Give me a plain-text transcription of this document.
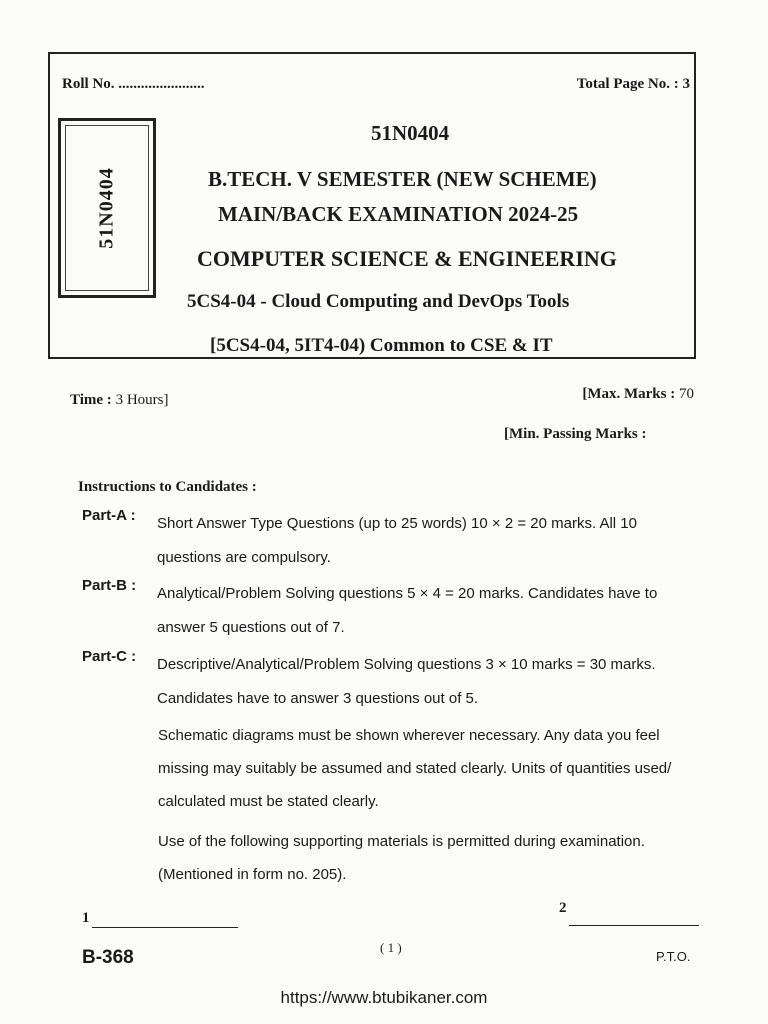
Roll No. .......................	Total Page No. : 3
51N0404
51N0404
B.TECH. V SEMESTER (NEW SCHEME)
MAIN/BACK EXAMINATION 2024-25
COMPUTER SCIENCE & ENGINEERING
5CS4-04 - Cloud Computing and DevOps Tools
[5CS4-04, 5IT4-04) Common to CSE & IT
Time : 3 Hours]	[Max. Marks : 70
[Min. Passing Marks :
Instructions to Candidates :
Part-A : Short Answer Type Questions (up to 25 words) 10 × 2 = 20 marks. All 10 questions are compulsory.
Part-B : Analytical/Problem Solving questions 5 × 4 = 20 marks. Candidates have to answer 5 questions out of 7.
Part-C : Descriptive/Analytical/Problem Solving questions 3 × 10 marks = 30 marks. Candidates have to answer 3 questions out of 5.
Schematic diagrams must be shown wherever necessary. Any data you feel missing may suitably be assumed and stated clearly. Units of quantities used/ calculated must be stated clearly.
Use of the following supporting materials is permitted during examination. (Mentioned in form no. 205).
1
2
B-368	( 1 )
P.T.O.
https://www.btubikaner.com
